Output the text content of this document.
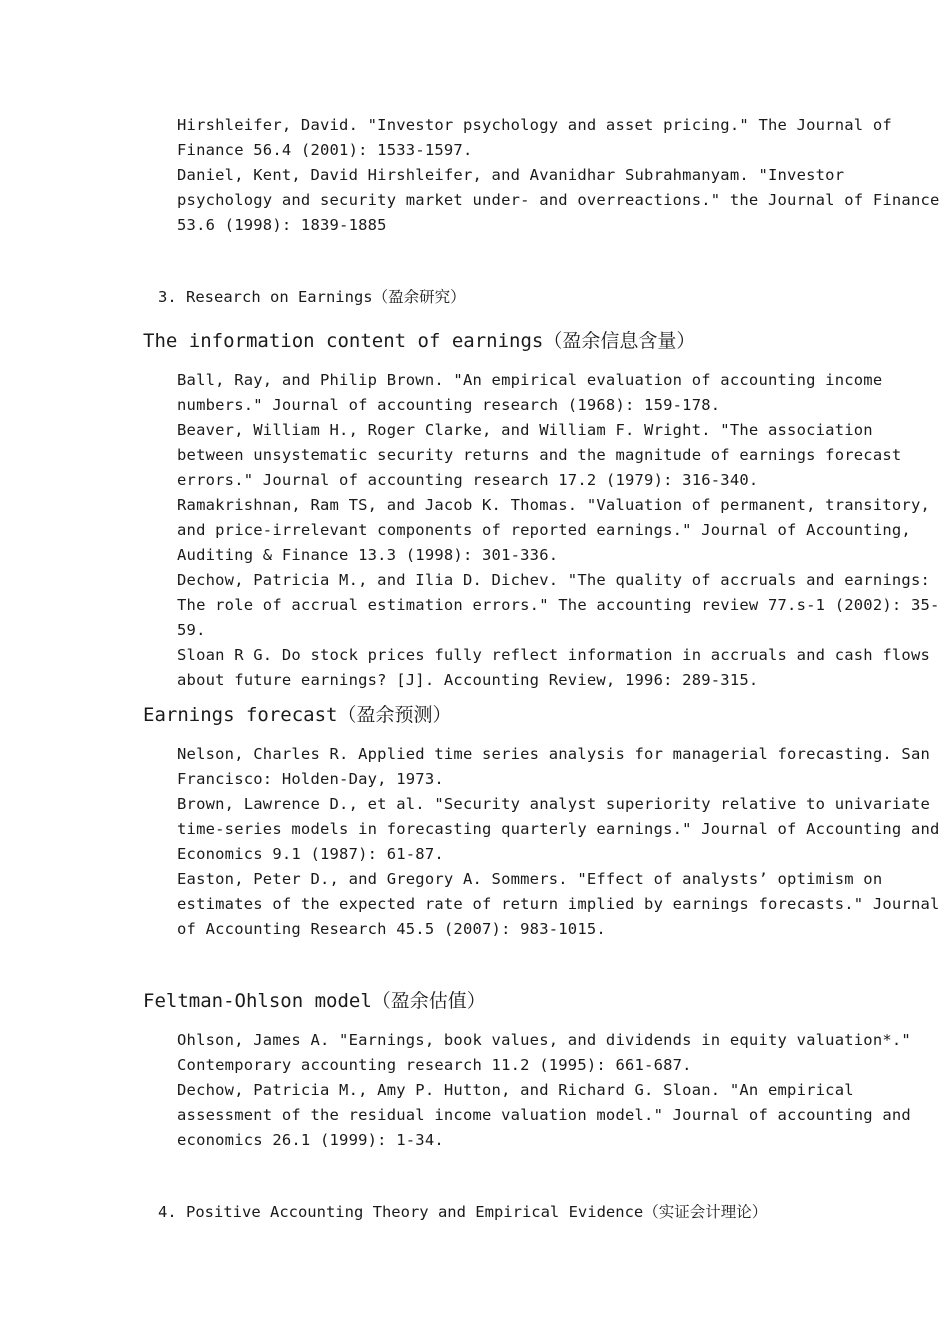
Hirshleifer, David. "Investor psychology and asset pricing." The Journal of Finance 56.4 (2001): 1533-1597.

Daniel, Kent, David Hirshleifer, and Avanidhar Subrahmanyam. "Investor psychology and security market under- and overreactions." the Journal of Finance 53.6 (1998): 1839-1885

3. Research on Earnings（盈余研究）

The information content of earnings（盈余信息含量）

Ball, Ray, and Philip Brown. "An empirical evaluation of accounting income numbers." Journal of accounting research (1968): 159-178.

Beaver, William H., Roger Clarke, and William F. Wright. "The association between unsystematic security returns and the magnitude of earnings forecast errors." Journal of accounting research 17.2 (1979): 316-340.

Ramakrishnan, Ram TS, and Jacob K. Thomas. "Valuation of permanent, transitory, and price-irrelevant components of reported earnings." Journal of Accounting, Auditing & Finance 13.3 (1998): 301-336.

Dechow, Patricia M., and Ilia D. Dichev. "The quality of accruals and earnings: The role of accrual estimation errors." The accounting review 77.s-1 (2002): 35-59.

Sloan R G. Do stock prices fully reflect information in accruals and cash flows about future earnings? [J]. Accounting Review, 1996: 289-315.

Earnings forecast（盈余预测）

Nelson, Charles R. Applied time series analysis for managerial forecasting. San Francisco: Holden-Day, 1973.

Brown, Lawrence D., et al. "Security analyst superiority relative to univariate time-series models in forecasting quarterly earnings." Journal of Accounting and Economics 9.1 (1987): 61-87.

Easton, Peter D., and Gregory A. Sommers. "Effect of analysts’ optimism on estimates of the expected rate of return implied by earnings forecasts." Journal of Accounting Research 45.5 (2007): 983-1015.

Feltman-Ohlson model（盈余估值）

Ohlson, James A. "Earnings, book values, and dividends in equity valuation*." Contemporary accounting research 11.2 (1995): 661-687.

Dechow, Patricia M., Amy P. Hutton, and Richard G. Sloan. "An empirical assessment of the residual income valuation model." Journal of accounting and economics 26.1 (1999): 1-34.

4. Positive Accounting Theory and Empirical Evidence（实证会计理论）
